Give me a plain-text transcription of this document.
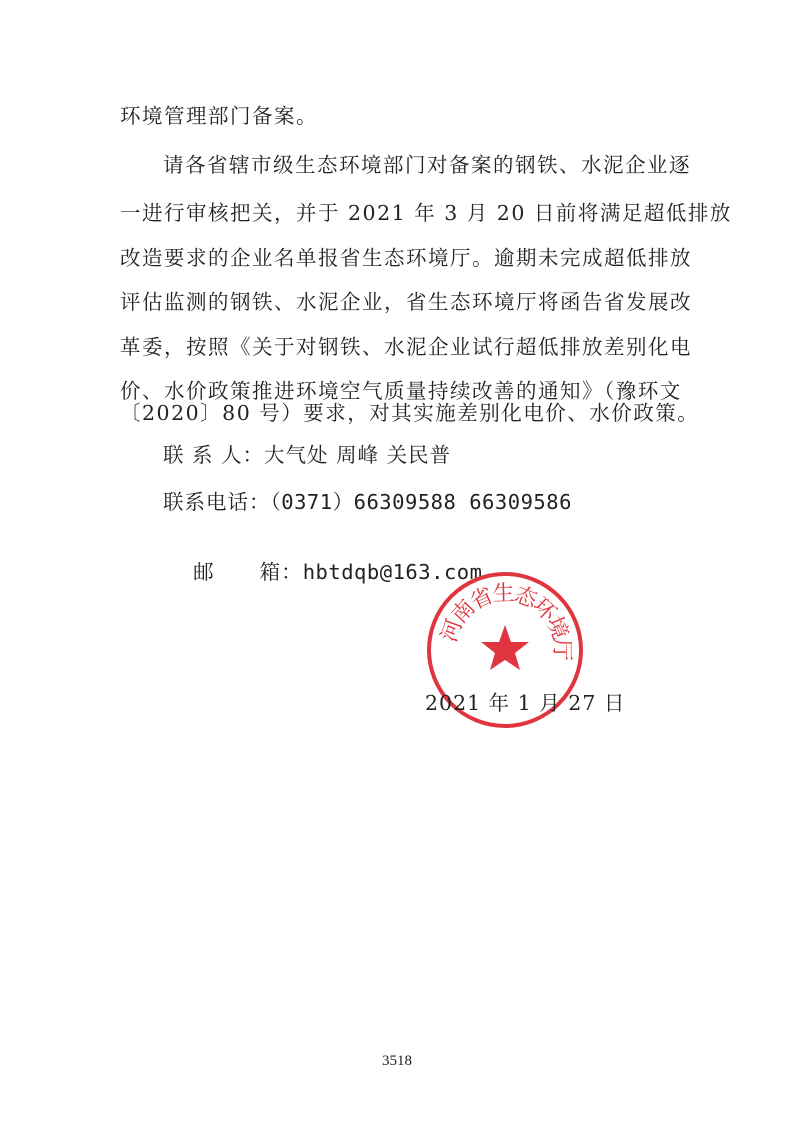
环境管理部门备案。
请各省辖市级生态环境部门对备案的钢铁、水泥企业逐
一进行审核把关，并于 2021 年 3 月 20 日前将满足超低排放
改造要求的企业名单报省生态环境厅。逾期未完成超低排放
评估监测的钢铁、水泥企业，省生态环境厅将函告省发展改
革委，按照《关于对钢铁、水泥企业试行超低排放差别化电
价、水价政策推进环境空气质量持续改善的通知》（豫环文
〔2020〕80 号）要求，对其实施差别化电价、水价政策。
联 系 人：大气处 周峰 关民普
联系电话：（0371）66309588 66309586

邮      箱：hbtdqb@163.com

河
南
省
生
态
环
境
厅
2021 年 1 月 27 日
3518
